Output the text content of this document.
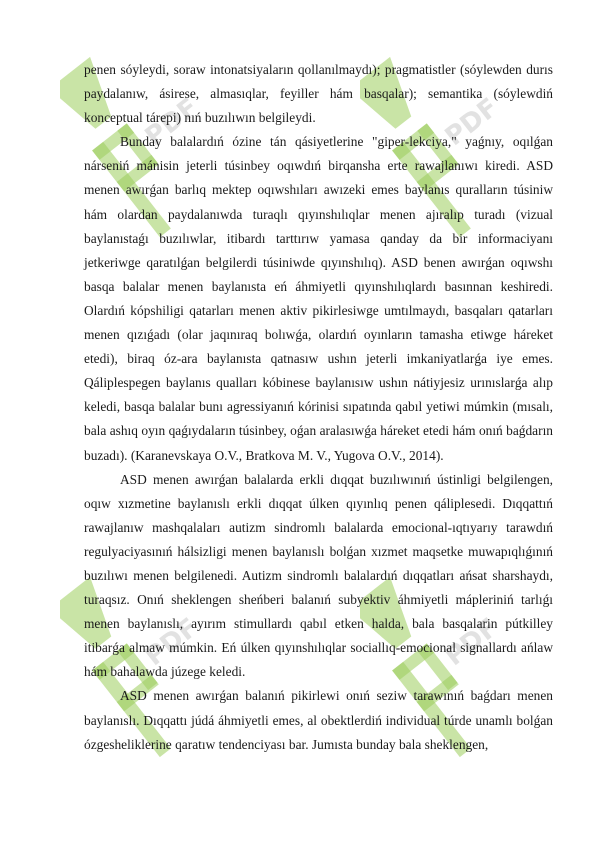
PDF	PDF
PDF	PDF

penen sóyleydi, soraw intonatsiyaların qollanılmaydı); pragmatistler (sóylewden durıs paydalanıw, ásirese, almasıqlar, feyiller hám basqalar); semantika (sóylewdiń konceptual tárepi) nıń buzılıwın belgileydi.

Bunday balalardıń ózine tán qásiyetlerine "giper-lekciya," yaǵnıy, oqılǵan nárseniń mánisin jeterli túsinbey oqıwdıń birqansha erte rawajlanıwı kiredi. ASD menen awırǵan barlıq mektep oqıwshıları awızeki emes baylanıs quralların túsiniw hám olardan paydalanıwda turaqlı qıyınshılıqlar menen ajıralıp turadı (vizual baylanıstaǵı buzılıwlar, itibardı tarttırıw yamasa qanday da bir informaciyanı jetkeriwge qaratılǵan belgilerdi túsiniwde qıyınshılıq). ASD benen awırǵan oqıwshı basqa balalar menen baylanısta eń áhmiyetli qıyınshılıqlardı basınnan keshiredi. Olardıń kópshiligi qatarları menen aktiv pikirlesiwge umtılmaydı, basqaları qatarları menen qızıǵadı (olar jaqınıraq bolıwǵa, olardıń oyınların tamasha etiwge háreket etedi), biraq óz-ara baylanısta qatnasıw ushın jeterli imkaniyatlarǵa iye emes. Qáliplespegen baylanıs qualları kóbinese baylanısıw ushın nátiyjesiz urınıslarǵa alıp keledi, basqa balalar bunı agressiyanıń kórinisi sıpatında qabıl yetiwi múmkin (mısalı, bala ashıq oyın qaǵıydaların túsinbey, oǵan aralasıwǵa háreket etedi hám onıń baǵdarın buzadı). (Karanevskaya O.V., Bratkova M. V., Yugova O.V., 2014).

ASD menen awırǵan balalarda erkli dıqqat buzılıwınıń ústinligi belgilengen, oqıw xızmetine baylanıslı erkli dıqqat úlken qıyınlıq penen qáliplesedi. Dıqqattıń rawajlanıw mashqalaları autizm sindromlı balalarda emocional-ıqtıyarıy tarawdıń regulyaciyasınıń hálsizligi menen baylanıslı bolǵan xızmet maqsetke muwapıqlıǵınıń buzılıwı menen belgilenedi. Autizm sindromlı balalardıń dıqqatları ańsat sharshaydı, turaqsız. Onıń sheklengen sheńberi balanıń subyektiv áhmiyetli mápleriniń tarlıǵı menen baylanıslı, ayırım stimullardı qabıl etken halda, bala basqalarin pútkilley itibarǵa almaw múmkin. Eń úlken qıyınshılıqlar sociallıq-emocional signallardı ańlaw hám bahalawda júzege keledi.

ASD menen awırǵan balanıń pikirlewi onıń seziw tarawınıń baǵdarı menen baylanıslı. Dıqqattı júdá áhmiyetli emes, al obektlerdiń individual túrde unamlı bolǵan ózgesheliklerine qaratıw tendenciyası bar. Jumısta bunday bala sheklengen,
